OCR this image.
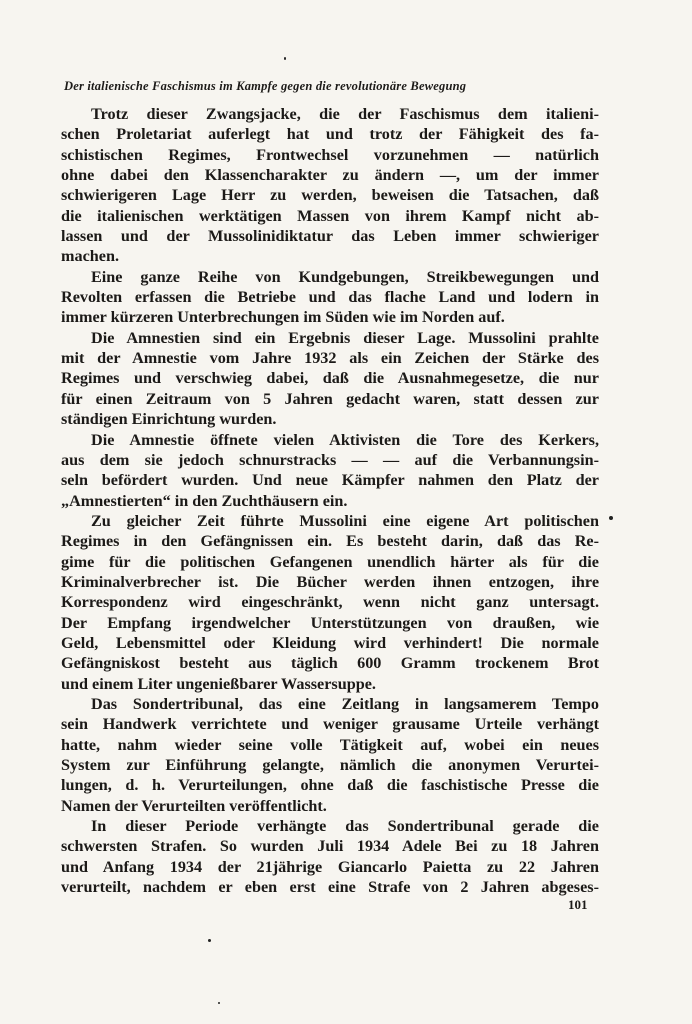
Der italienische Faschismus im Kampfe gegen die revolutionäre Bewegung

Trotz dieser Zwangsjacke, die der Faschismus dem italieni-
schen Proletariat auferlegt hat und trotz der Fähigkeit des fa-
schistischen Regimes, Frontwechsel vorzunehmen — natürlich
ohne dabei den Klassencharakter zu ändern —, um der immer
schwierigeren Lage Herr zu werden, beweisen die Tatsachen, daß
die italienischen werktätigen Massen von ihrem Kampf nicht ab-
lassen und der Mussolinidiktatur das Leben immer schwieriger
machen.

Eine ganze Reihe von Kundgebungen, Streikbewegungen und
Revolten erfassen die Betriebe und das flache Land und lodern in
immer kürzeren Unterbrechungen im Süden wie im Norden auf.

Die Amnestien sind ein Ergebnis dieser Lage. Mussolini prahlte
mit der Amnestie vom Jahre 1932 als ein Zeichen der Stärke des
Regimes und verschwieg dabei, daß die Ausnahmegesetze, die nur
für einen Zeitraum von 5 Jahren gedacht waren, statt dessen zur
ständigen Einrichtung wurden.

Die Amnestie öffnete vielen Aktivisten die Tore des Kerkers,
aus dem sie jedoch schnurstracks — — auf die Verbannungsin-
seln befördert wurden. Und neue Kämpfer nahmen den Platz der
„Amnestierten“ in den Zuchthäusern ein.

Zu gleicher Zeit führte Mussolini eine eigene Art politischen
Regimes in den Gefängnissen ein. Es besteht darin, daß das Re-
gime für die politischen Gefangenen unendlich härter als für die
Kriminalverbrecher ist. Die Bücher werden ihnen entzogen, ihre
Korrespondenz wird eingeschränkt, wenn nicht ganz untersagt.
Der Empfang irgendwelcher Unterstützungen von draußen, wie
Geld, Lebensmittel oder Kleidung wird verhindert! Die normale
Gefängniskost besteht aus täglich 600 Gramm trockenem Brot
und einem Liter ungenießbarer Wassersuppe.

Das Sondertribunal, das eine Zeitlang in langsamerem Tempo
sein Handwerk verrichtete und weniger grausame Urteile verhängt
hatte, nahm wieder seine volle Tätigkeit auf, wobei ein neues
System zur Einführung gelangte, nämlich die anonymen Verurtei-
lungen, d. h. Verurteilungen, ohne daß die faschistische Presse die
Namen der Verurteilten veröffentlicht.

In dieser Periode verhängte das Sondertribunal gerade die
schwersten Strafen. So wurden Juli 1934 Adele Bei zu 18 Jahren
und Anfang 1934 der 21jährige Giancarlo Paietta zu 22 Jahren
verurteilt, nachdem er eben erst eine Strafe von 2 Jahren abgeses-

101
